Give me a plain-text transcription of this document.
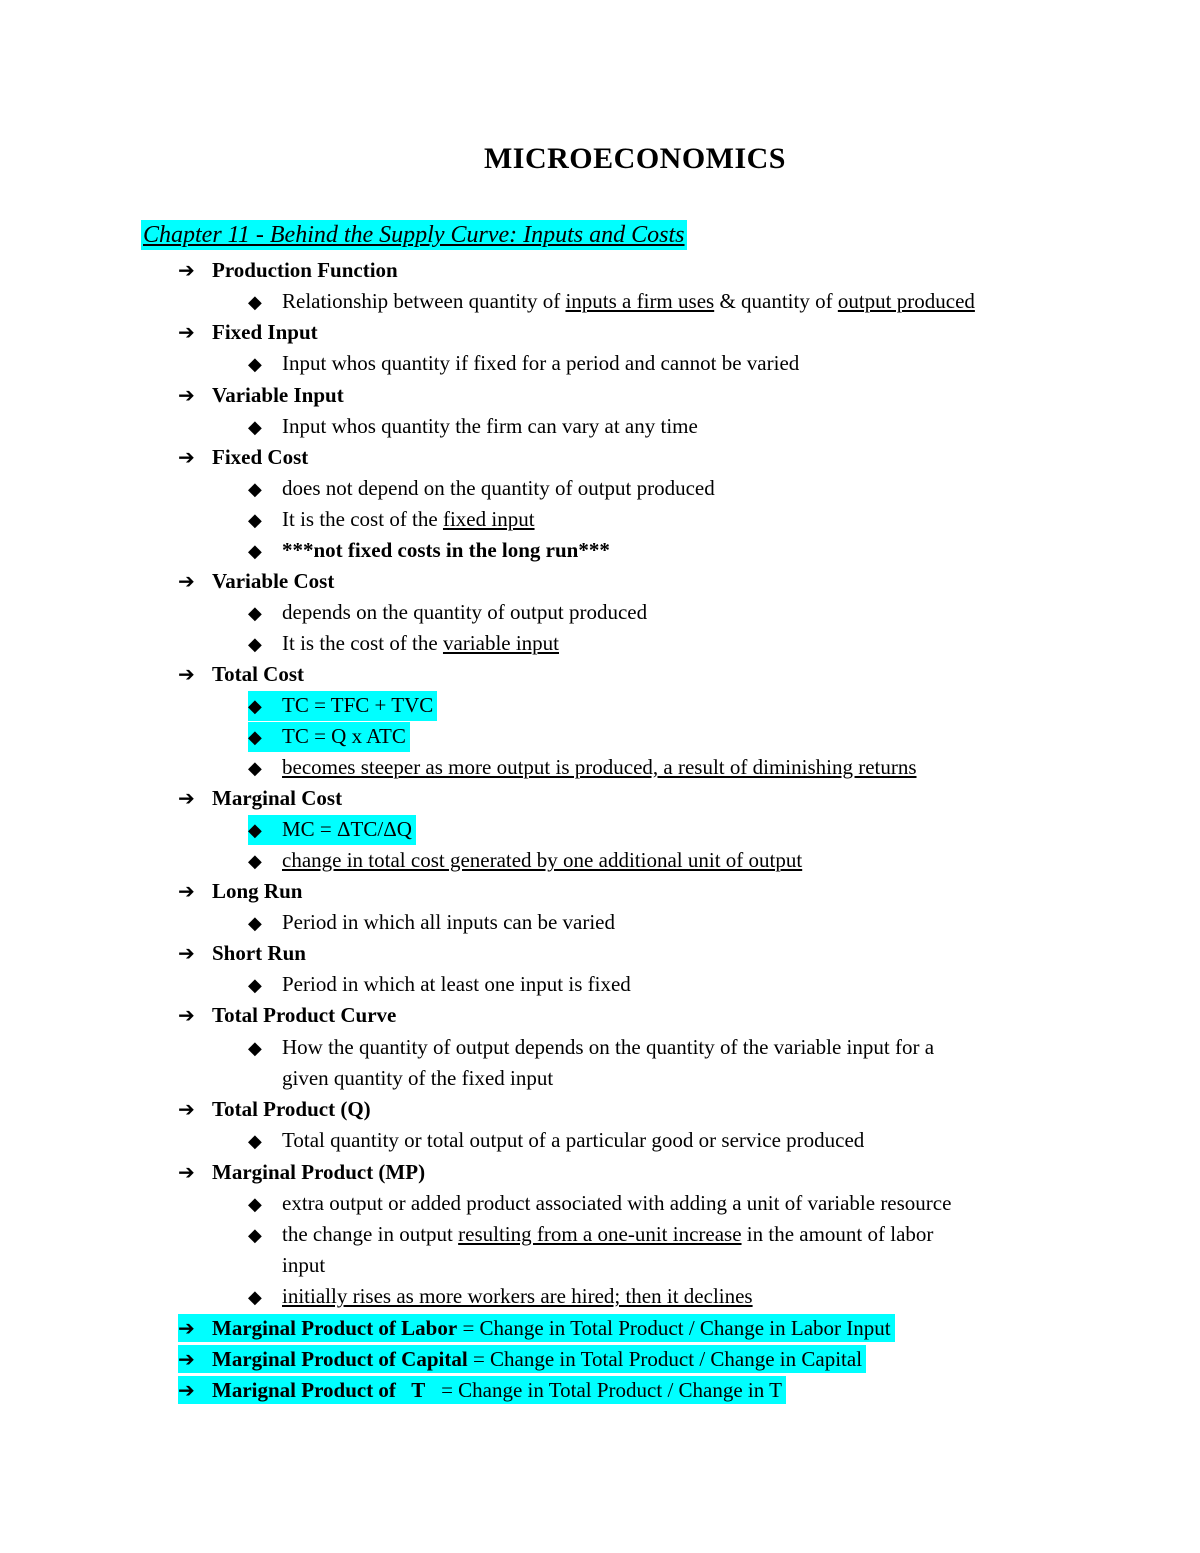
MICROECONOMICS
Chapter 11 - Behind the Supply Curve: Inputs and Costs
➔ Production Function
◆ Relationship between quantity of inputs a firm uses & quantity of output produced
➔ Fixed Input
◆ Input whos quantity if fixed for a period and cannot be varied
➔ Variable Input
◆ Input whos quantity the firm can vary at any time
➔ Fixed Cost
◆ does not depend on the quantity of output produced
◆ It is the cost of the fixed input
◆ ***not fixed costs in the long run***
➔ Variable Cost
◆ depends on the quantity of output produced
◆ It is the cost of the variable input
➔ Total Cost
◆ TC = TFC + TVC
◆ TC = Q x ATC
◆ becomes steeper as more output is produced, a result of diminishing returns
➔ Marginal Cost
◆ MC = ΔTC/ΔQ
◆ change in total cost generated by one additional unit of output
➔ Long Run
◆ Period in which all inputs can be varied
➔ Short Run
◆ Period in which at least one input is fixed
➔ Total Product Curve
◆ How the quantity of output depends on the quantity of the variable input for a
given quantity of the fixed input
➔ Total Product (Q)
◆ Total quantity or total output of a particular good or service produced
➔ Marginal Product (MP)
◆ extra output or added product associated with adding a unit of variable resource
◆ the change in output resulting from a one-unit increase in the amount of labor
input
◆ initially rises as more workers are hired; then it declines
➔ Marginal Product of Labor = Change in Total Product / Change in Labor Input
➔ Marginal Product of Capital = Change in Total Product / Change in Capital
➔ Marignal Product of   T   = Change in Total Product / Change in T
